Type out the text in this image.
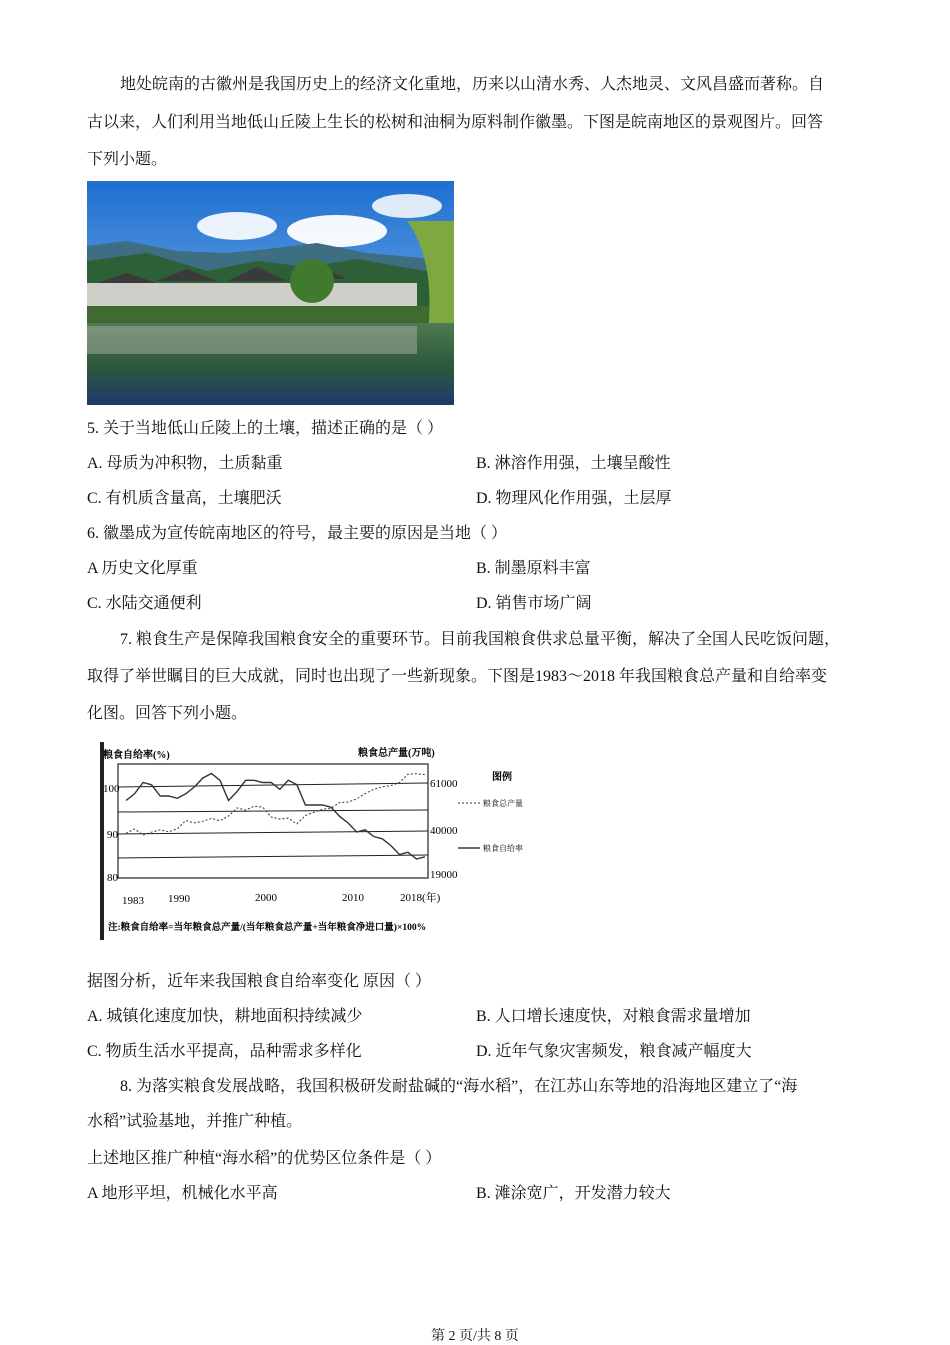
地处皖南的古徽州是我国历史上的经济文化重地，历来以山清水秀、人杰地灵、文风昌盛而著称。自
古以来，人们利用当地低山丘陵上生长的松树和油桐为原料制作徽墨。下图是皖南地区的景观图片。回答
下列小题。
5. 关于当地低山丘陵上的土壤，描述正确的是（ ）
A. 母质为冲积物，土质黏重	B. 淋溶作用强，土壤呈酸性
C. 有机质含量高，土壤肥沃	D. 物理风化作用强，土层厚
6. 徽墨成为宣传皖南地区的符号，最主要的原因是当地（ ）
A 历史文化厚重	B. 制墨原料丰富
C. 水陆交通便利	D. 销售市场广阔
7. 粮食生产是保障我国粮食安全的重要环节。目前我国粮食供求总量平衡，解决了全国人民吃饭问题，
取得了举世瞩目的巨大成就，同时也出现了一些新现象。下图是1983～2018 年我国粮食总产量和自给率变
化图。回答下列小题。
粮食自给率(%)	粮食总产量(万吨)
100
90
80
61000
40000
19000
1983 1990	2000	2010	2018(年)
图例
粮食总产量
粮食自给率
注:粮食自给率=当年粮食总产量/(当年粮食总产量+当年粮食净进口量)×100%
据图分析，近年来我国粮食自给率变化 原因（ ）
A. 城镇化速度加快，耕地面积持续减少	B. 人口增长速度快，对粮食需求量增加
C. 物质生活水平提高，品种需求多样化	D. 近年气象灾害频发，粮食减产幅度大
8. 为落实粮食发展战略，我国积极研发耐盐碱的“海水稻”，在江苏山东等地的沿海地区建立了“海
水稻”试验基地，并推广种植。
上述地区推广种植“海水稻”的优势区位条件是（ ）
A 地形平坦，机械化水平高	B. 滩涂宽广，开发潜力较大
第 2 页/共 8 页
